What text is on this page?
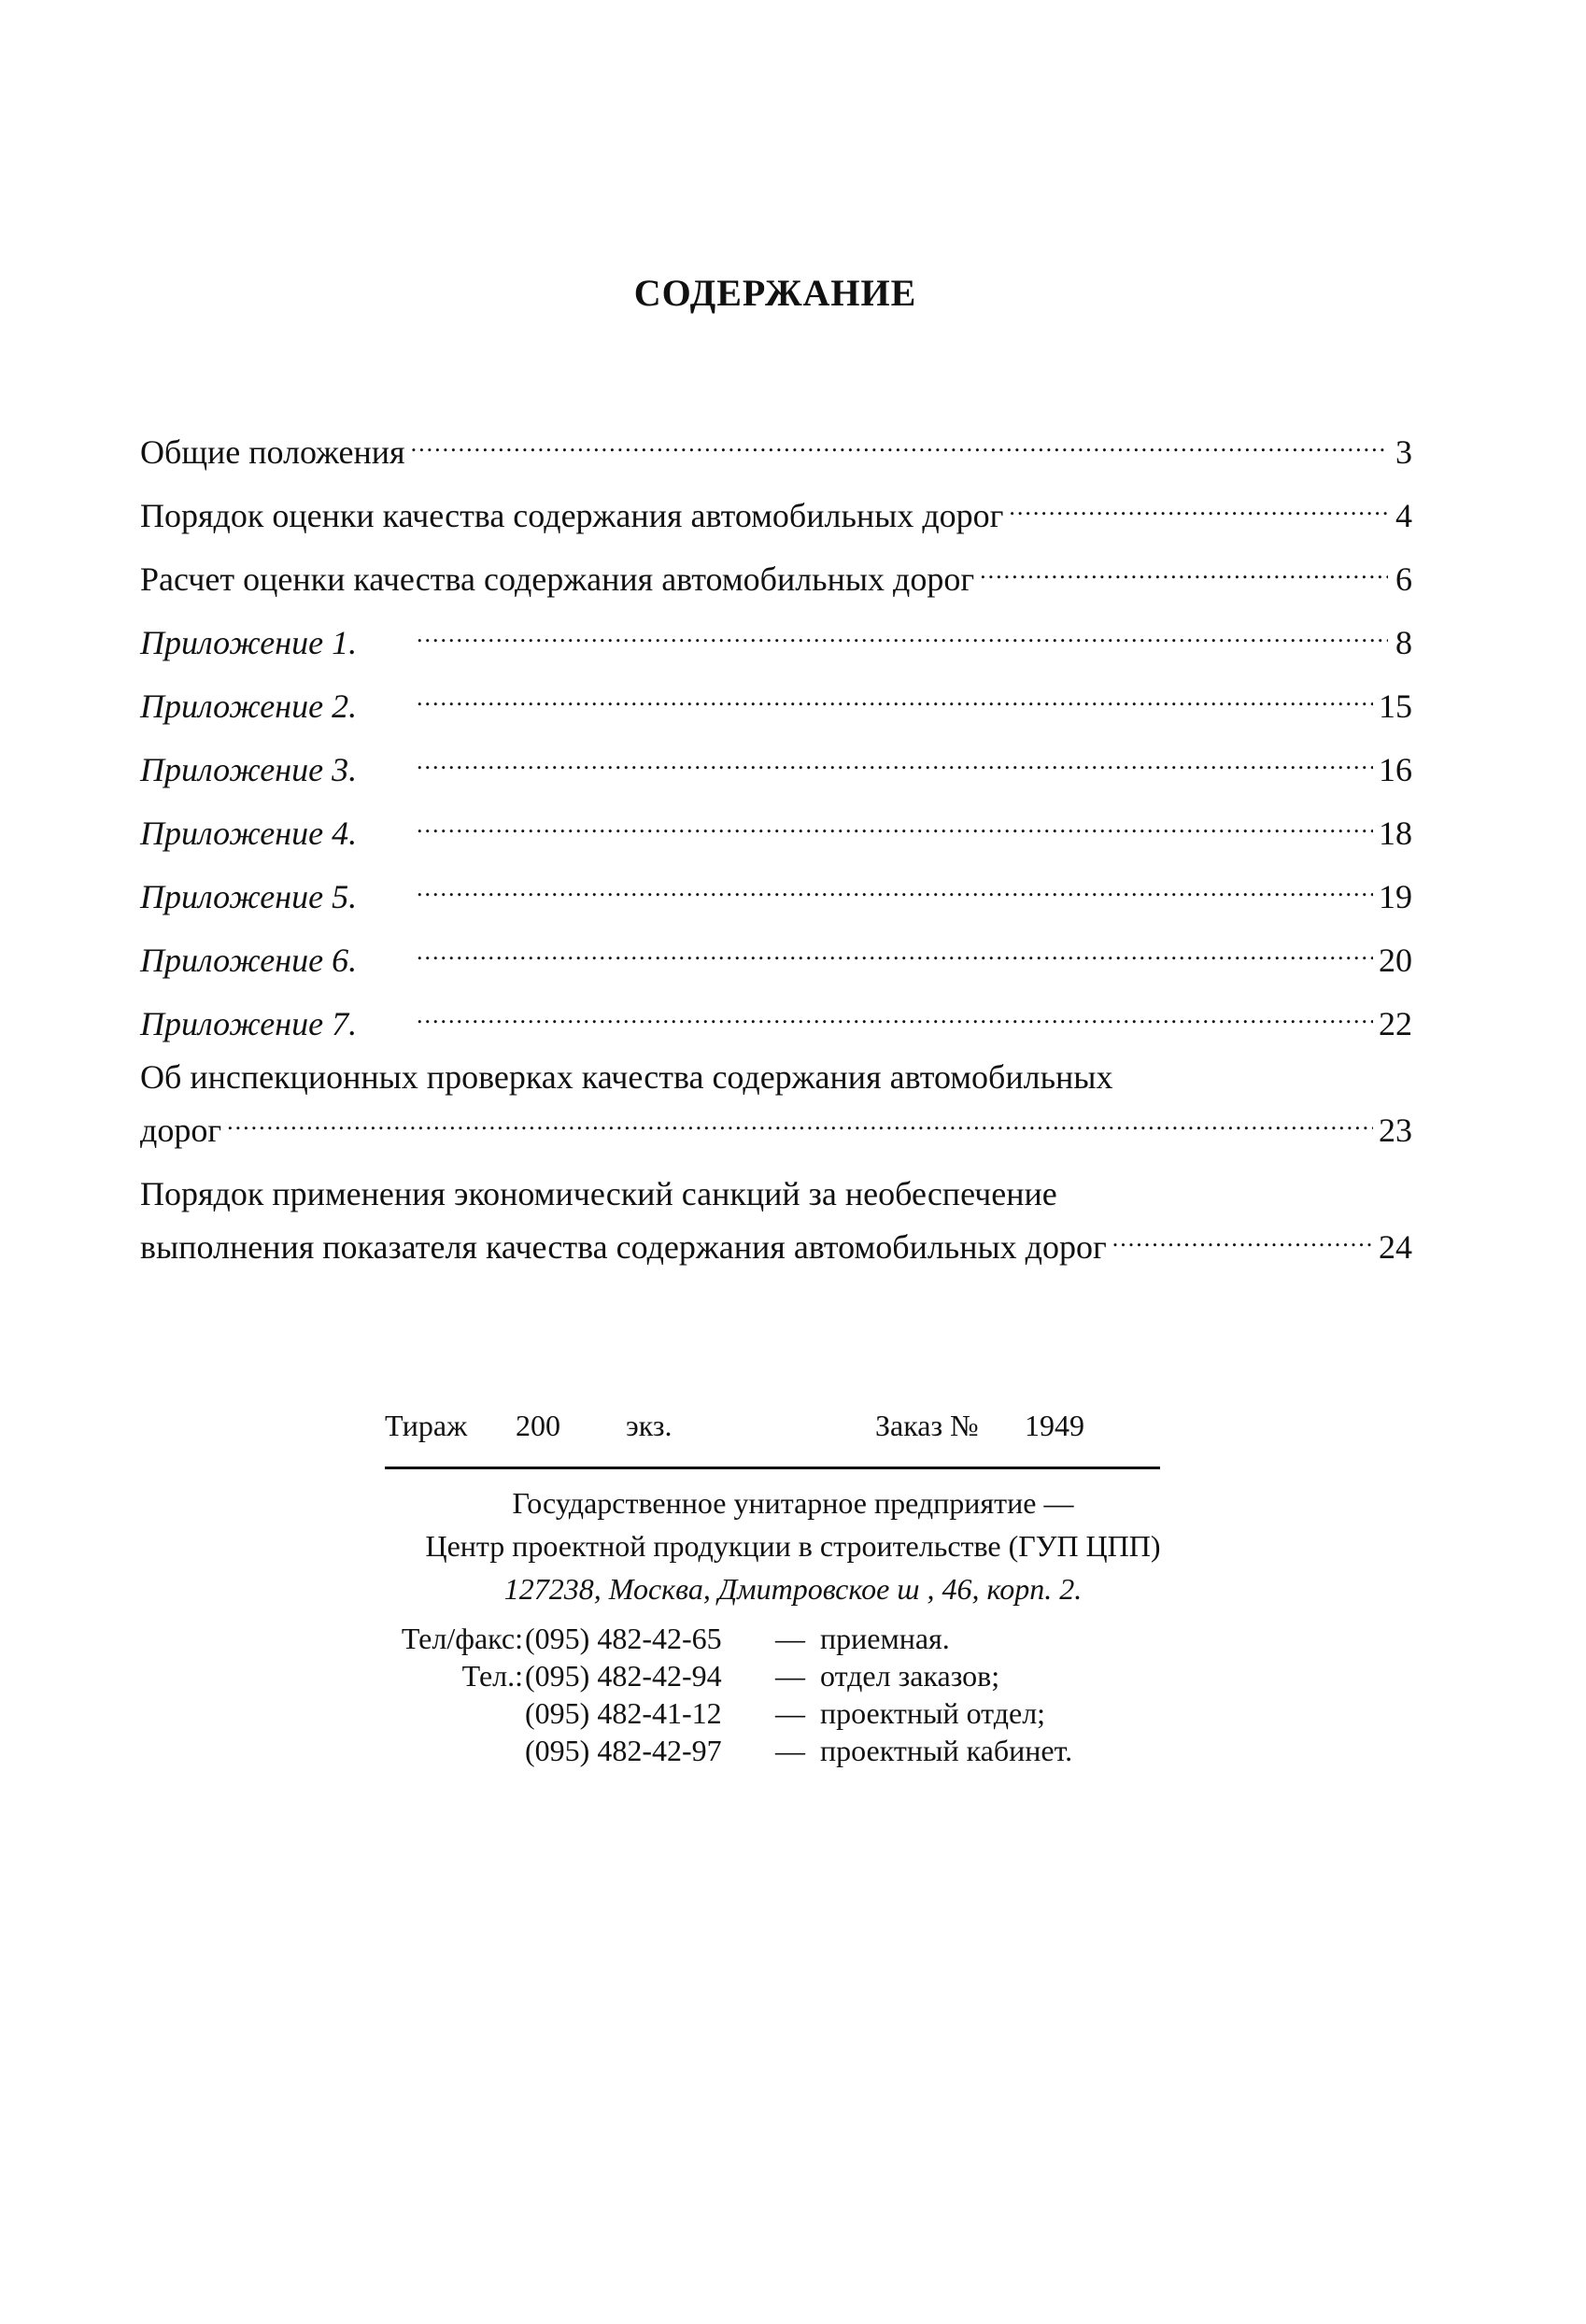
СОДЕРЖАНИЕ
Общие положения .....	3
Порядок оценки качества содержания автомобильных дорог .....	4
Расчет оценки качества содержания автомобильных дорог .....	6
Приложение 1. .....	8
Приложение 2. .....	15
Приложение 3. .....	16
Приложение 4. .....	18
Приложение 5. .....	19
Приложение 6. .....	20
Приложение 7. .....	22
Об инспекционных проверках качества содержания автомобильных
дорог .....	23
Порядок применения экономический санкций за необеспечение
выполнения показателя качества содержания автомобильных дорог .....	24
Тираж 200 экз.	Заказ № 1949
Государственное унитарное предприятие —
Центр проектной продукции в строительстве (ГУП ЦПП)
127238, Москва, Дмитровское ш , 46, корп. 2.
Тел/факс: (095) 482-42-65 — приемная.
Тел.: (095) 482-42-94 — отдел заказов;
(095) 482-41-12 — проектный отдел;
(095) 482-42-97 — проектный кабинет.
